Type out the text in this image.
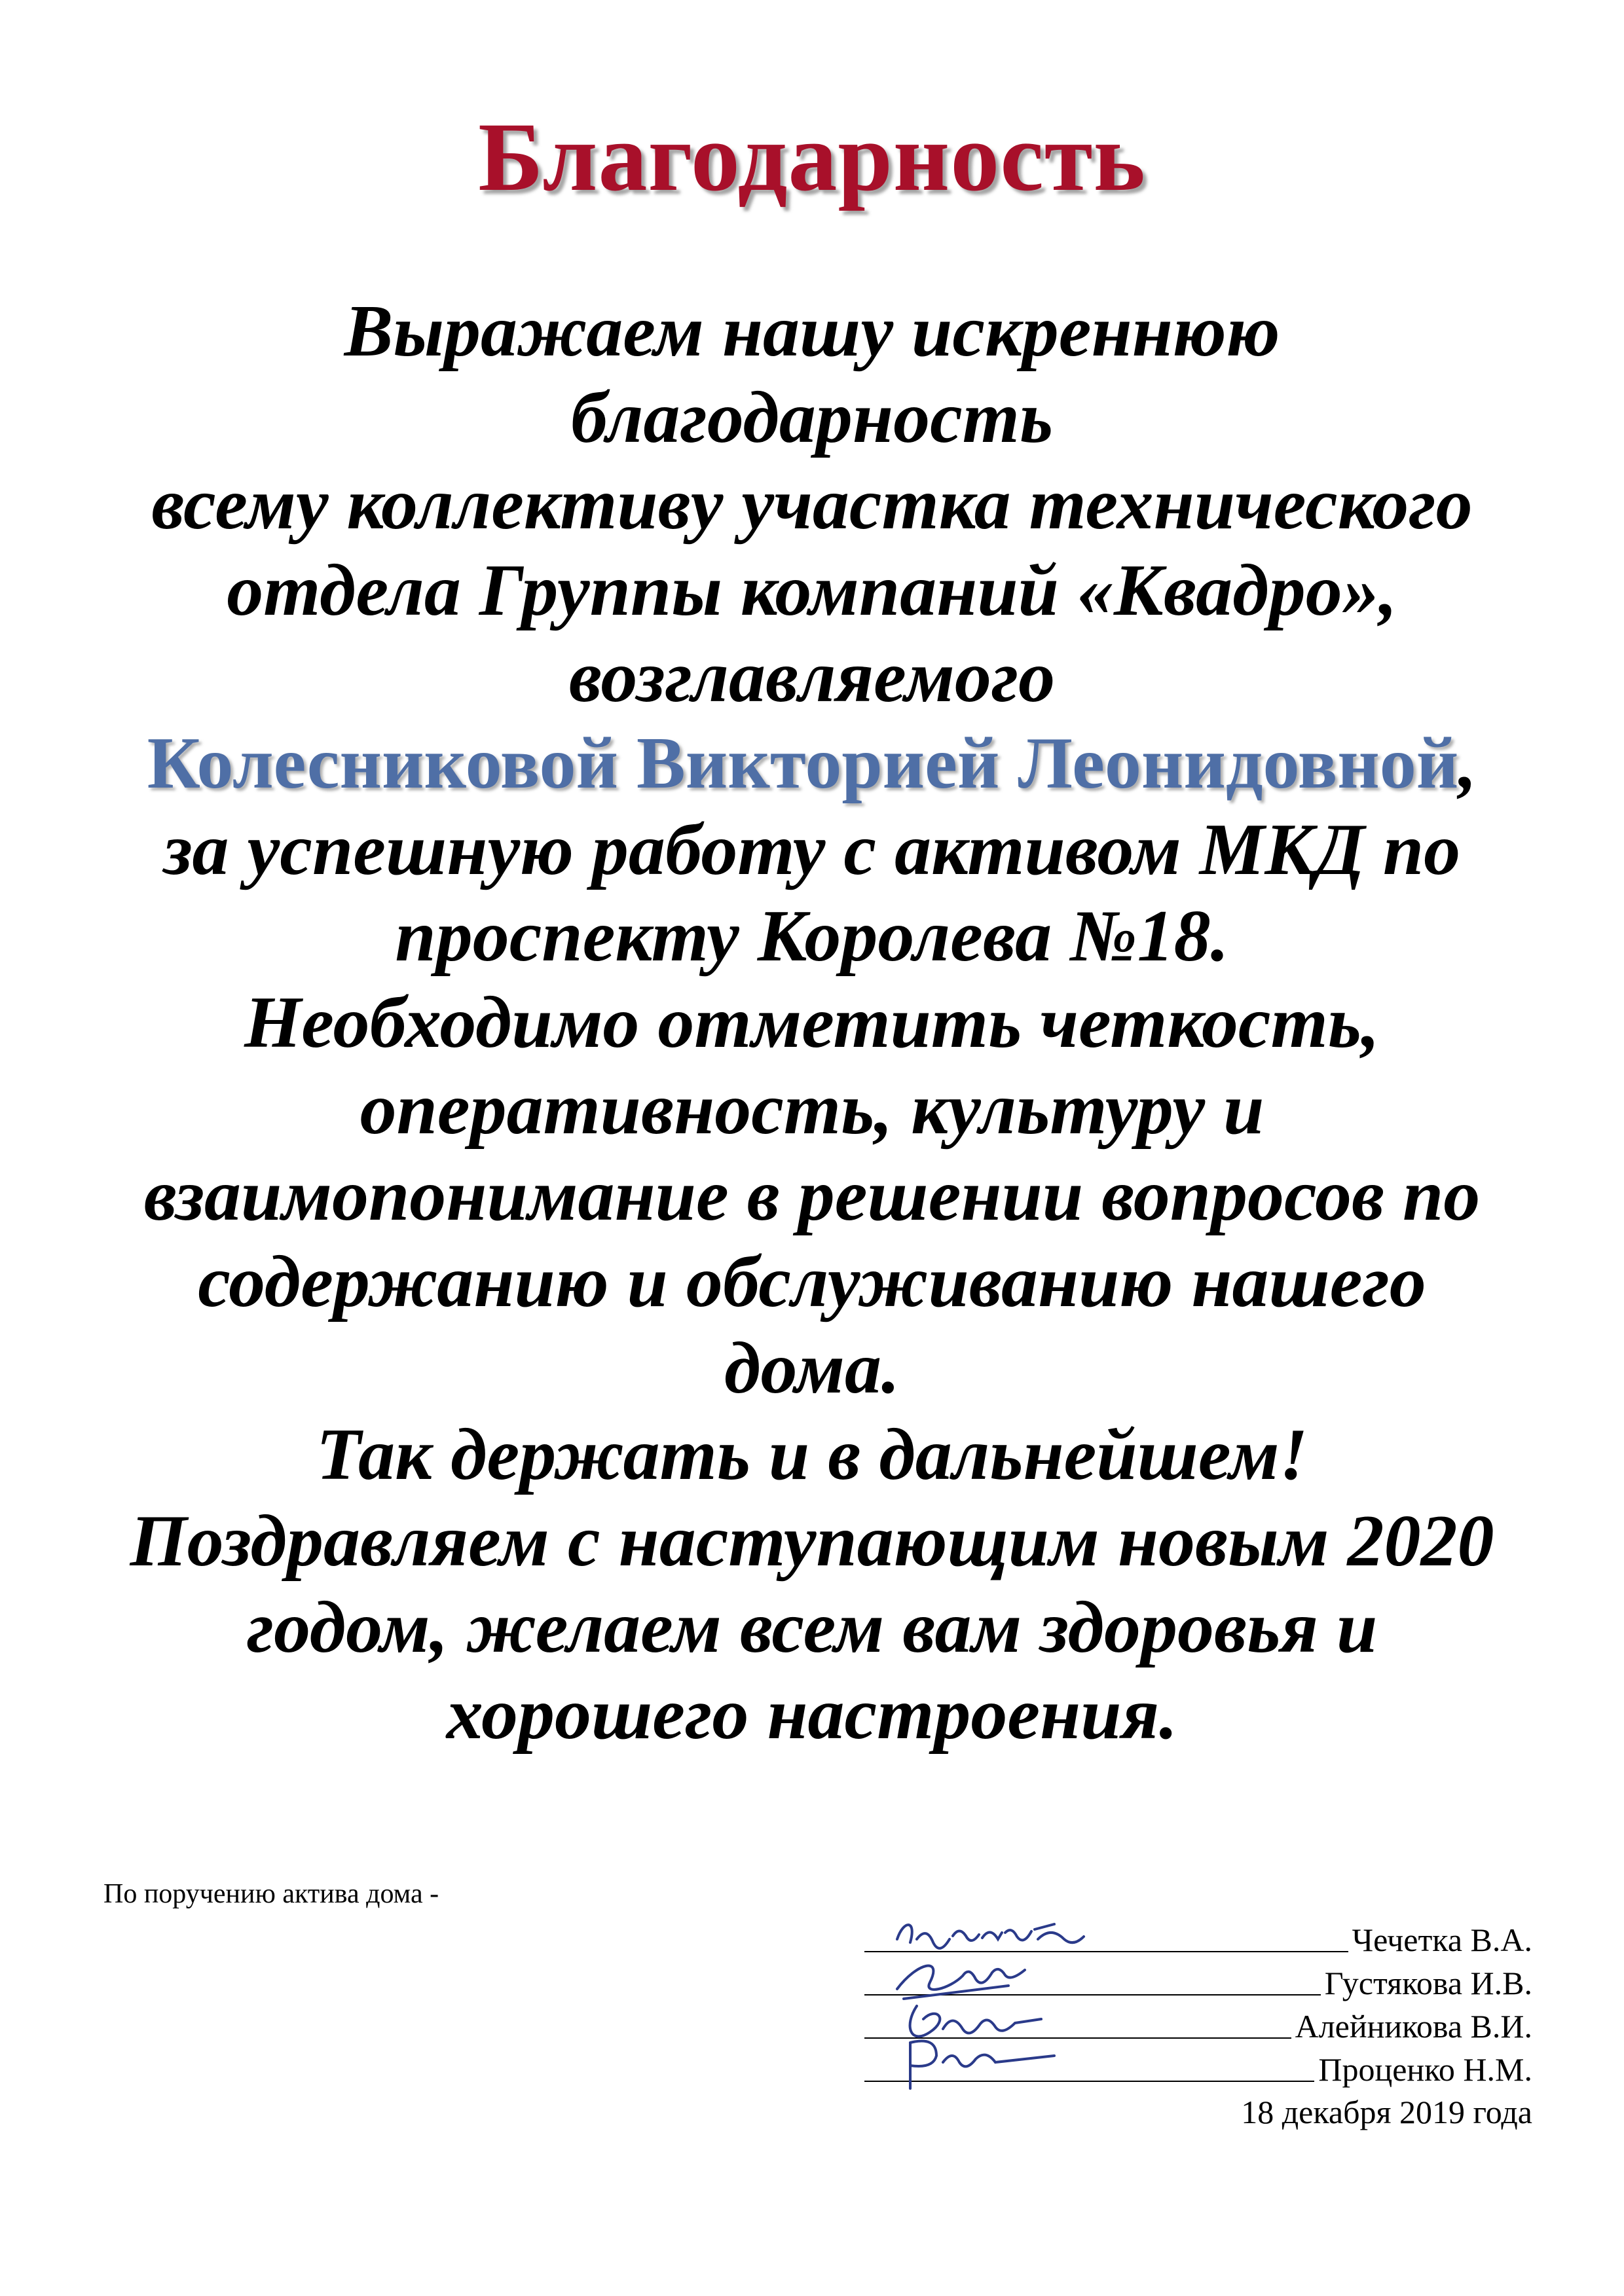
Благодарность
Выражаем нашу искреннюю
благодарность
всему коллективу участка технического
отдела Группы компаний «Квадро»,
возглавляемого
Колесниковой Викторией Леонидовной,
за успешную работу с активом МКД по
проспекту Королева №18.
Необходимо отметить четкость,
оперативность, культуру и
взаимопонимание в решении вопросов по
содержанию и обслуживанию нашего
дома.
Так держать и в дальнейшем!
Поздравляем с наступающим новым 2020
годом, желаем всем вам здоровья и
хорошего настроения.
По поручению актива дома -
Чечетка В.А.
Густякова И.В.
Алейникова В.И.
Проценко Н.М.
18 декабря 2019 года
